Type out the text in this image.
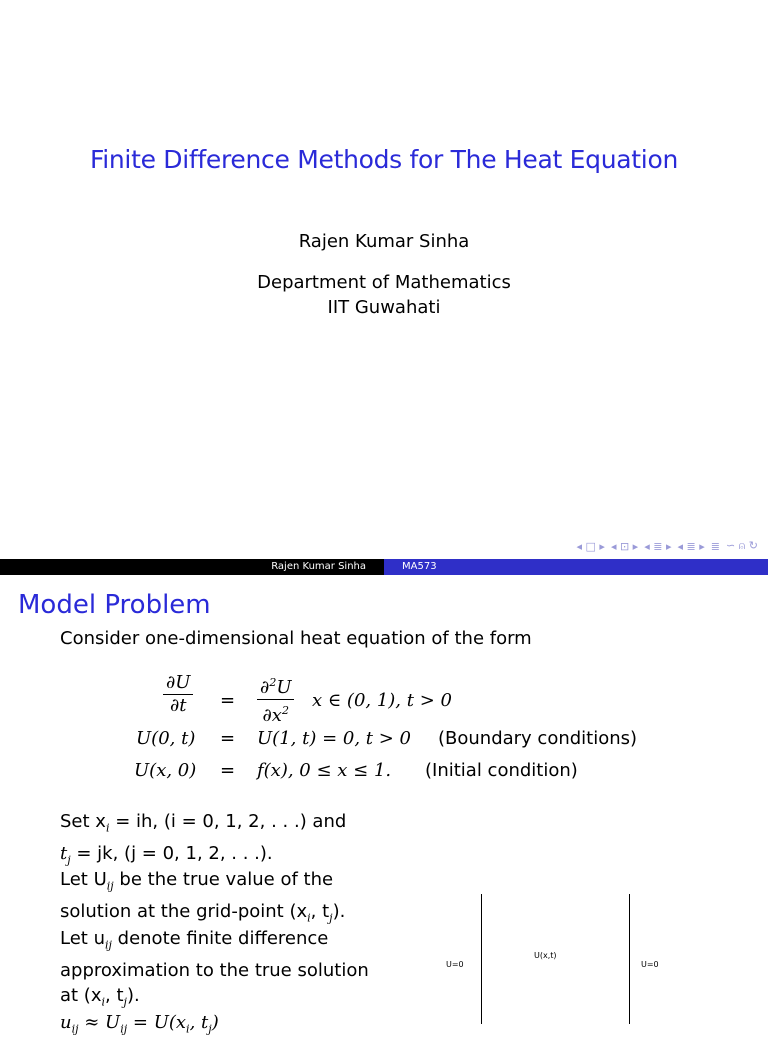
Finite Difference Methods for The Heat Equation
Rajen Kumar Sinha
Department of Mathematics
IIT Guwahati
◂ □ ▸ ◂ ⊡ ▸ ◂ ≣ ▸ ◂ ≣ ▸ ≣ ∽ ⍝ ↻
Rajen Kumar Sinha	MA573
Model Problem
Consider one-dimensional heat equation of the form
$\frac{\partial U}{\partial t} = \frac{\partial^2U}{\partial x^2}$ x ∈ (0, 1), t > 0
U(0, t) = U(1, t) = 0, t > 0 (Boundary conditions)
U(x, 0) = f(x), 0 ≤ x ≤ 1. (Initial condition)
Set $x_i$ = ih, (i = 0, 1, 2, . . .) and
$t_j$ = jk, (j = 0, 1, 2, . . .).
Let $U_{ij}$ be the true value of the
solution at the grid-point ($x_i$, $t_j$).
Let $u_{ij}$ denote finite difference
approximation to the true solution
at ($x_i$, $t_j$).
$u_{ij} \approx U_{ij} = U(x_i$, $t_j$)
U=0
U(x,t)
U=0
